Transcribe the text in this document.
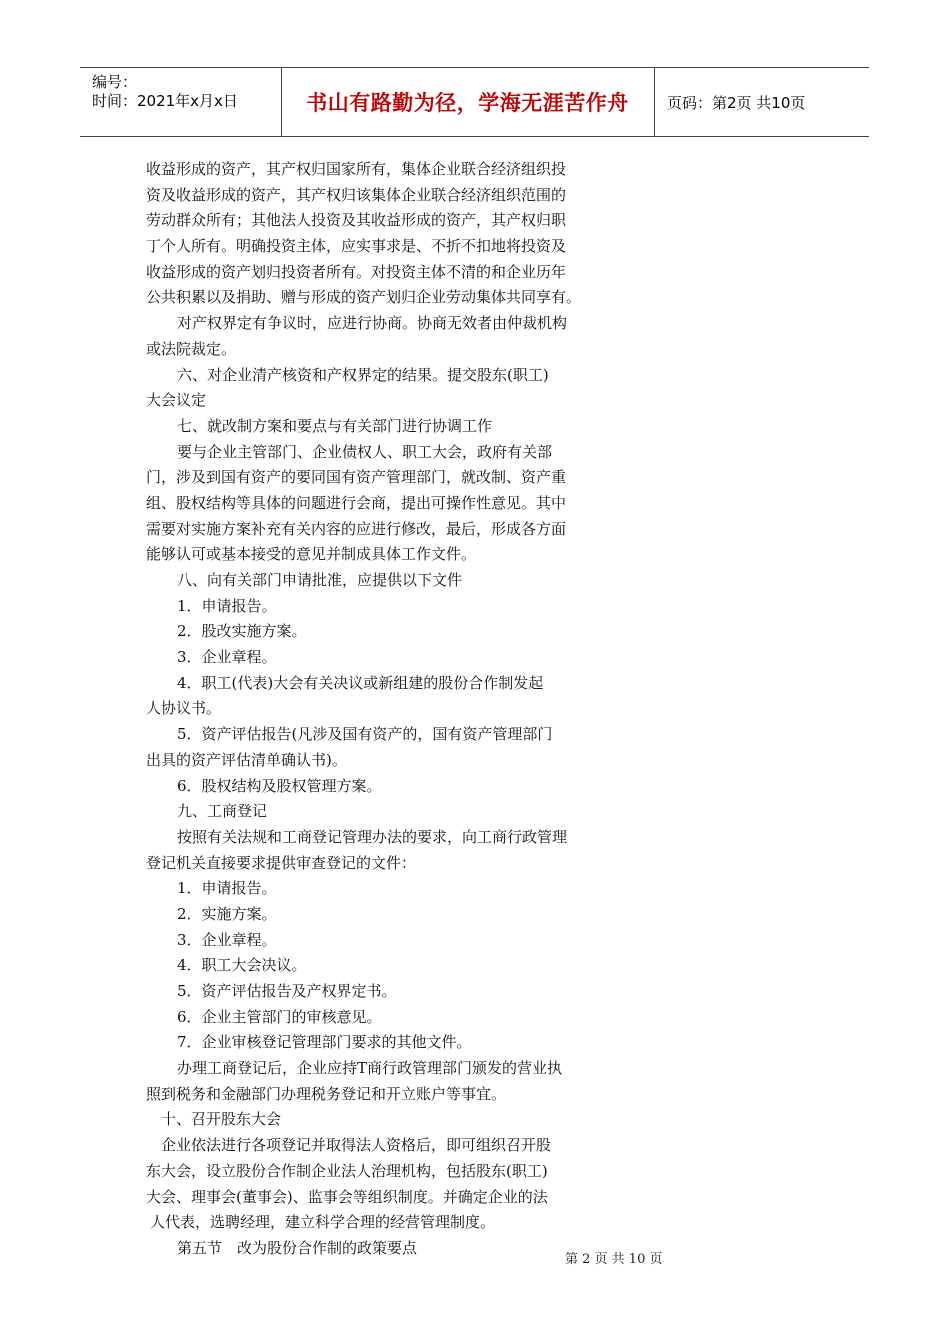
编号：
时间：2021年x月x日	书山有路勤为径，学海无涯苦作舟	页码：第2页 共10页
收益形成的资产，其产权归国家所有，集体企业联合经济组织投
资及收益形成的资产，其产权归该集体企业联合经济组织范围的
劳动群众所有；其他法人投资及其收益形成的资产，其产权归职
丁个人所有。明确投资主体，应实事求是、不折不扣地将投资及
收益形成的资产划归投资者所有。对投资主体不清的和企业历年
公共积累以及捐助、赠与形成的资产划归企业劳动集体共同享有。
对产权界定有争议时，应进行协商。协商无效者由仲裁机构
或法院裁定。
六、对企业清产核资和产权界定的结果。提交股东(职工)
大会议定
七、就改制方案和要点与有关部门进行协调工作
要与企业主管部门、企业债权人、职工大会，政府有关部
门，涉及到国有资产的要同国有资产管理部门，就改制、资产重
组、股权结构等具体的问题进行会商，提出可操作性意见。其中
需要对实施方案补充有关内容的应进行修改，最后，形成各方面
能够认可或基本接受的意见并制成具体工作文件。
八、向有关部门申请批准，应提供以下文件
1．申请报告。
2．股改实施方案。
3．企业章程。
4．职工(代表)大会有关决议或新组建的股份合作制发起
人协议书。
5．资产评估报告(凡涉及国有资产的，国有资产管理部门
出具的资产评估清单确认书)。
6．股权结构及股权管理方案。
九、工商登记
按照有关法规和工商登记管理办法的要求，向工商行政管理
登记机关直接要求提供审查登记的文件：
1．申请报告。
2．实施方案。
3．企业章程。
4．职工大会决议。
5．资产评估报告及产权界定书。
6．企业主管部门的审核意见。
7．企业审核登记管理部门要求的其他文件。
办理工商登记后，企业应持T商行政管理部门颁发的营业执
照到税务和金融部门办理税务登记和开立账户等事宜。
十、召开股东大会
企业依法进行各项登记并取得法人资格后，即可组织召开股
东大会，设立股份合作制企业法人治理机构，包括股东(职工)
大会、理事会(董事会)、监事会等组织制度。并确定企业的法
人代表，选聘经理，建立科学合理的经营管理制度。
第五节　改为股份合作制的政策要点
第 2 页 共 10 页
